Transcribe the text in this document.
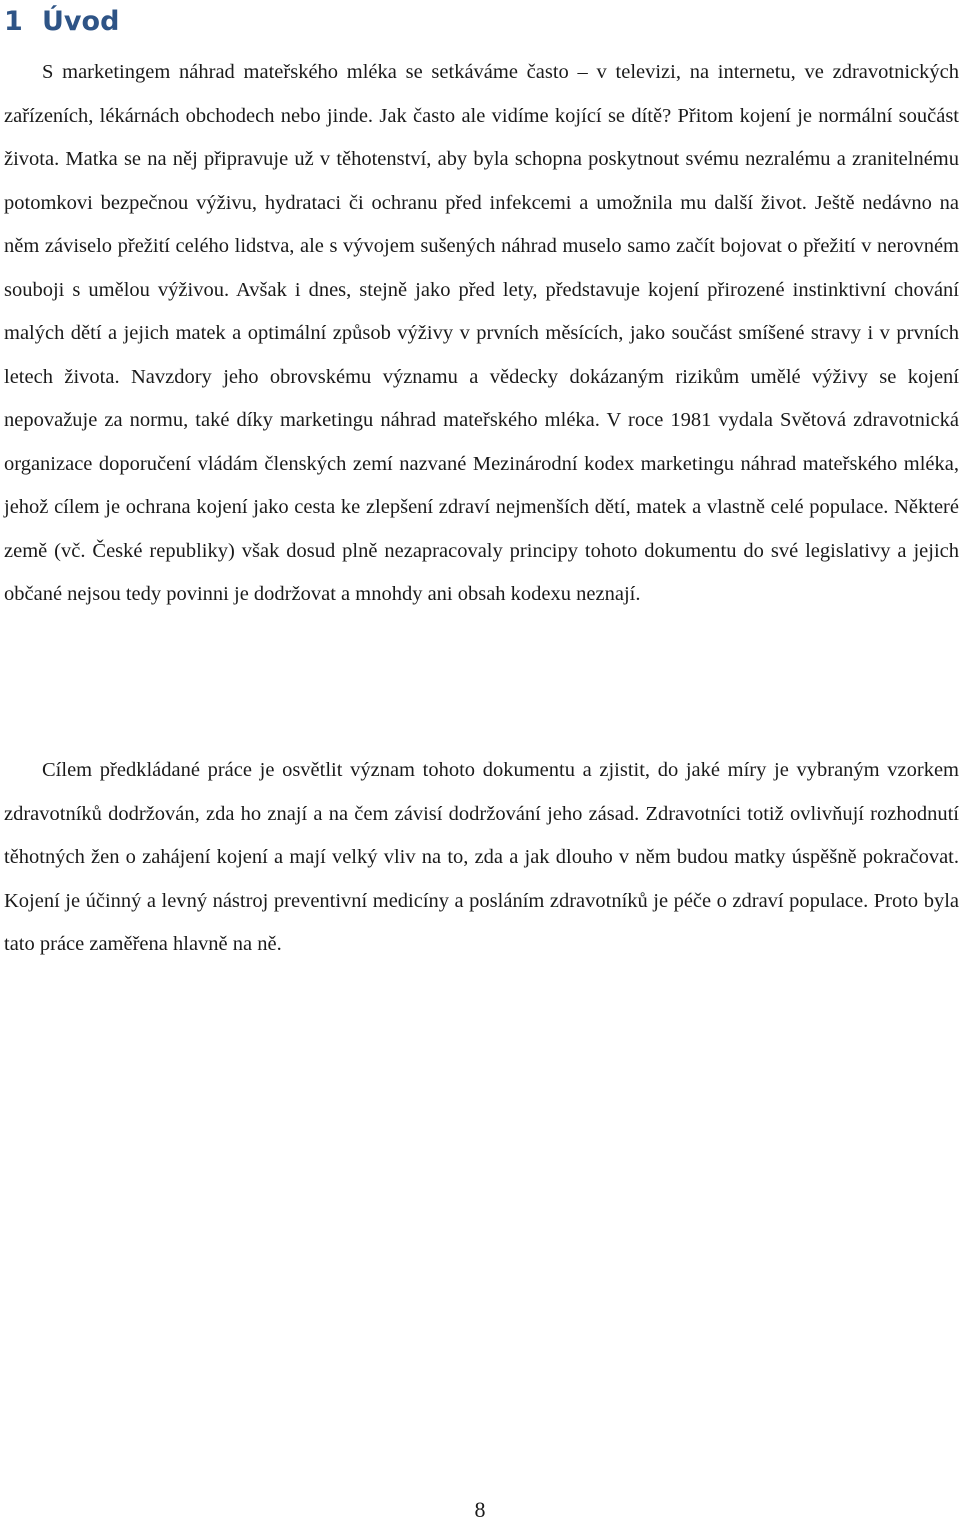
1 Úvod

S marketingem náhrad mateřského mléka se setkáváme často – v televizi, na internetu, ve zdravotnických zařízeních, lékárnách obchodech nebo jinde. Jak často ale vidíme kojící se dítě? Přitom kojení je normální součást života. Matka se na něj připravuje už v těhotenství, aby byla schopna poskytnout svému nezralému a zranitelnému potomkovi bezpečnou výživu, hydrataci či ochranu před infekcemi a umožnila mu další život. Ještě nedávno na něm záviselo přežití celého lidstva, ale s vývojem sušených náhrad muselo samo začít bojovat o přežití v nerovném souboji s umělou výživou. Avšak i dnes, stejně jako před lety, představuje kojení přirozené instinktivní chování malých dětí a jejich matek a optimální způsob výživy v prvních měsících, jako součást smíšené stravy i v prvních letech života. Navzdory jeho obrovskému významu a vědecky dokázaným rizikům umělé výživy se kojení nepovažuje za normu, také díky marketingu náhrad mateřského mléka. V roce 1981 vydala Světová zdravotnická organizace doporučení vládám členských zemí nazvané Mezinárodní kodex marketingu náhrad mateřského mléka, jehož cílem je ochrana kojení jako cesta ke zlepšení zdraví nejmenších dětí, matek a vlastně celé populace. Některé země (vč. České republiky) však dosud plně nezapracovaly principy tohoto dokumentu do své legislativy a jejich občané nejsou tedy povinni je dodržovat a mnohdy ani obsah kodexu neznají.

Cílem předkládané práce je osvětlit význam tohoto dokumentu a zjistit, do jaké míry je vybraným vzorkem zdravotníků dodržován, zda ho znají a na čem závisí dodržování jeho zásad. Zdravotníci totiž ovlivňují rozhodnutí těhotných žen o zahájení kojení a mají velký vliv na to, zda a jak dlouho v něm budou matky úspěšně pokračovat. Kojení je účinný a levný nástroj preventivní medicíny a posláním zdravotníků je péče o zdraví populace. Proto byla tato práce zaměřena hlavně na ně.

8
